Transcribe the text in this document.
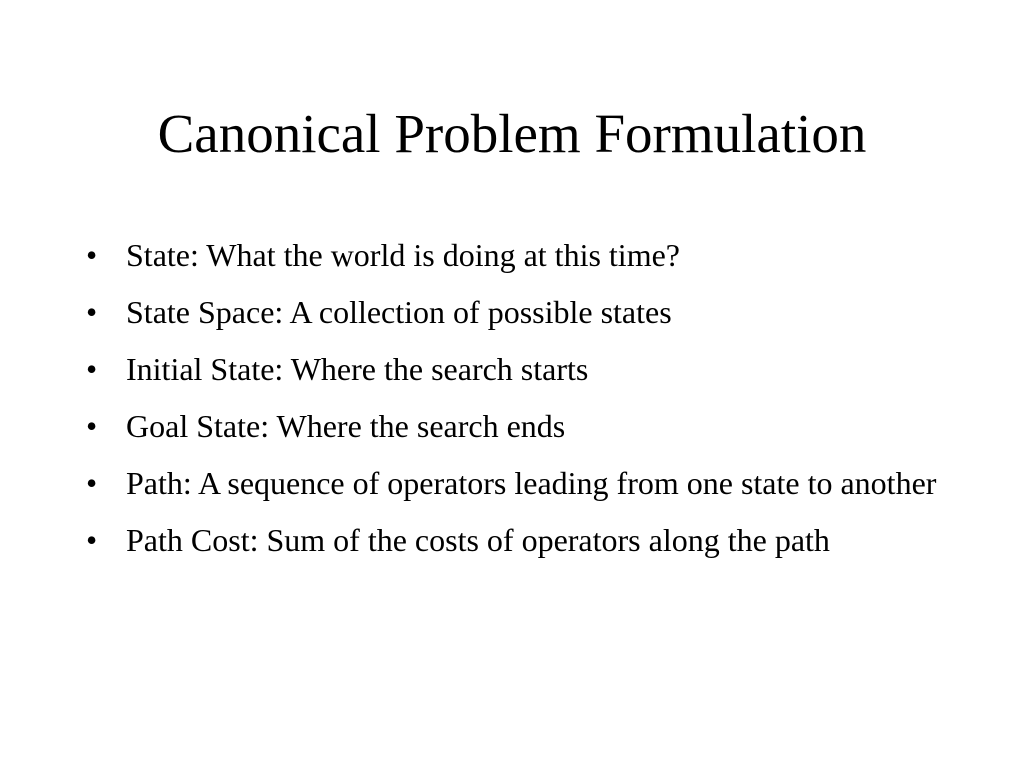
Canonical Problem Formulation
• State: What the world is doing at this time?
• State Space: A collection of possible states
• Initial State: Where the search starts
• Goal State: Where the search ends
• Path: A sequence of operators leading from one state to another
• Path Cost: Sum of the costs of operators along the path
